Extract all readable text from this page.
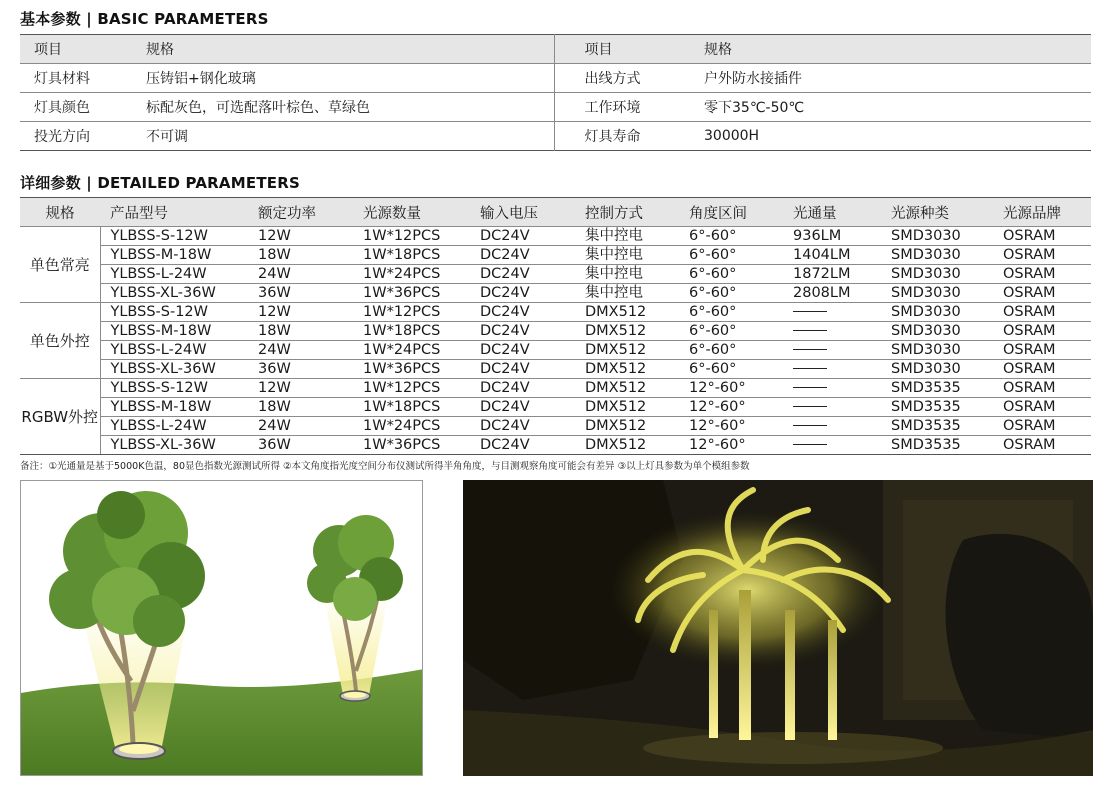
基本参数 | BASIC PARAMETERS
项目	规格	项目	规格
灯具材料	压铸铝+钢化玻璃	出线方式	户外防水接插件
灯具颜色	标配灰色，可选配落叶棕色、草绿色	工作环境	零下35℃-50℃
投光方向	不可调	灯具寿命	30000H
详细参数 | DETAILED PARAMETERS
规格	产品型号	额定功率	光源数量	输入电压	控制方式	角度区间	光通量	光源种类	光源品牌
单色常亮	YLBSS-S-12W	12W	1W*12PCS	DC24V	集中控电	6°-60°	936LM	SMD3030	OSRAM
	YLBSS-M-18W	18W	1W*18PCS	DC24V	集中控电	6°-60°	1404LM	SMD3030	OSRAM
	YLBSS-L-24W	24W	1W*24PCS	DC24V	集中控电	6°-60°	1872LM	SMD3030	OSRAM
	YLBSS-XL-36W	36W	1W*36PCS	DC24V	集中控电	6°-60°	2808LM	SMD3030	OSRAM
单色外控	YLBSS-S-12W	12W	1W*12PCS	DC24V	DMX512	6°-60°		SMD3030	OSRAM
	YLBSS-M-18W	18W	1W*18PCS	DC24V	DMX512	6°-60°		SMD3030	OSRAM
	YLBSS-L-24W	24W	1W*24PCS	DC24V	DMX512	6°-60°		SMD3030	OSRAM
	YLBSS-XL-36W	36W	1W*36PCS	DC24V	DMX512	6°-60°		SMD3030	OSRAM
RGBW外控	YLBSS-S-12W	12W	1W*12PCS	DC24V	DMX512	12°-60°		SMD3535	OSRAM
	YLBSS-M-18W	18W	1W*18PCS	DC24V	DMX512	12°-60°		SMD3535	OSRAM
	YLBSS-L-24W	24W	1W*24PCS	DC24V	DMX512	12°-60°		SMD3535	OSRAM
	YLBSS-XL-36W	36W	1W*36PCS	DC24V	DMX512	12°-60°		SMD3535	OSRAM
备注：①光通量是基于5000K色温，80显色指数光源测试所得 ②本文角度指光度空间分布仪测试所得半角角度，与目测观察角度可能会有差异 ③以上灯具参数为单个模组参数
